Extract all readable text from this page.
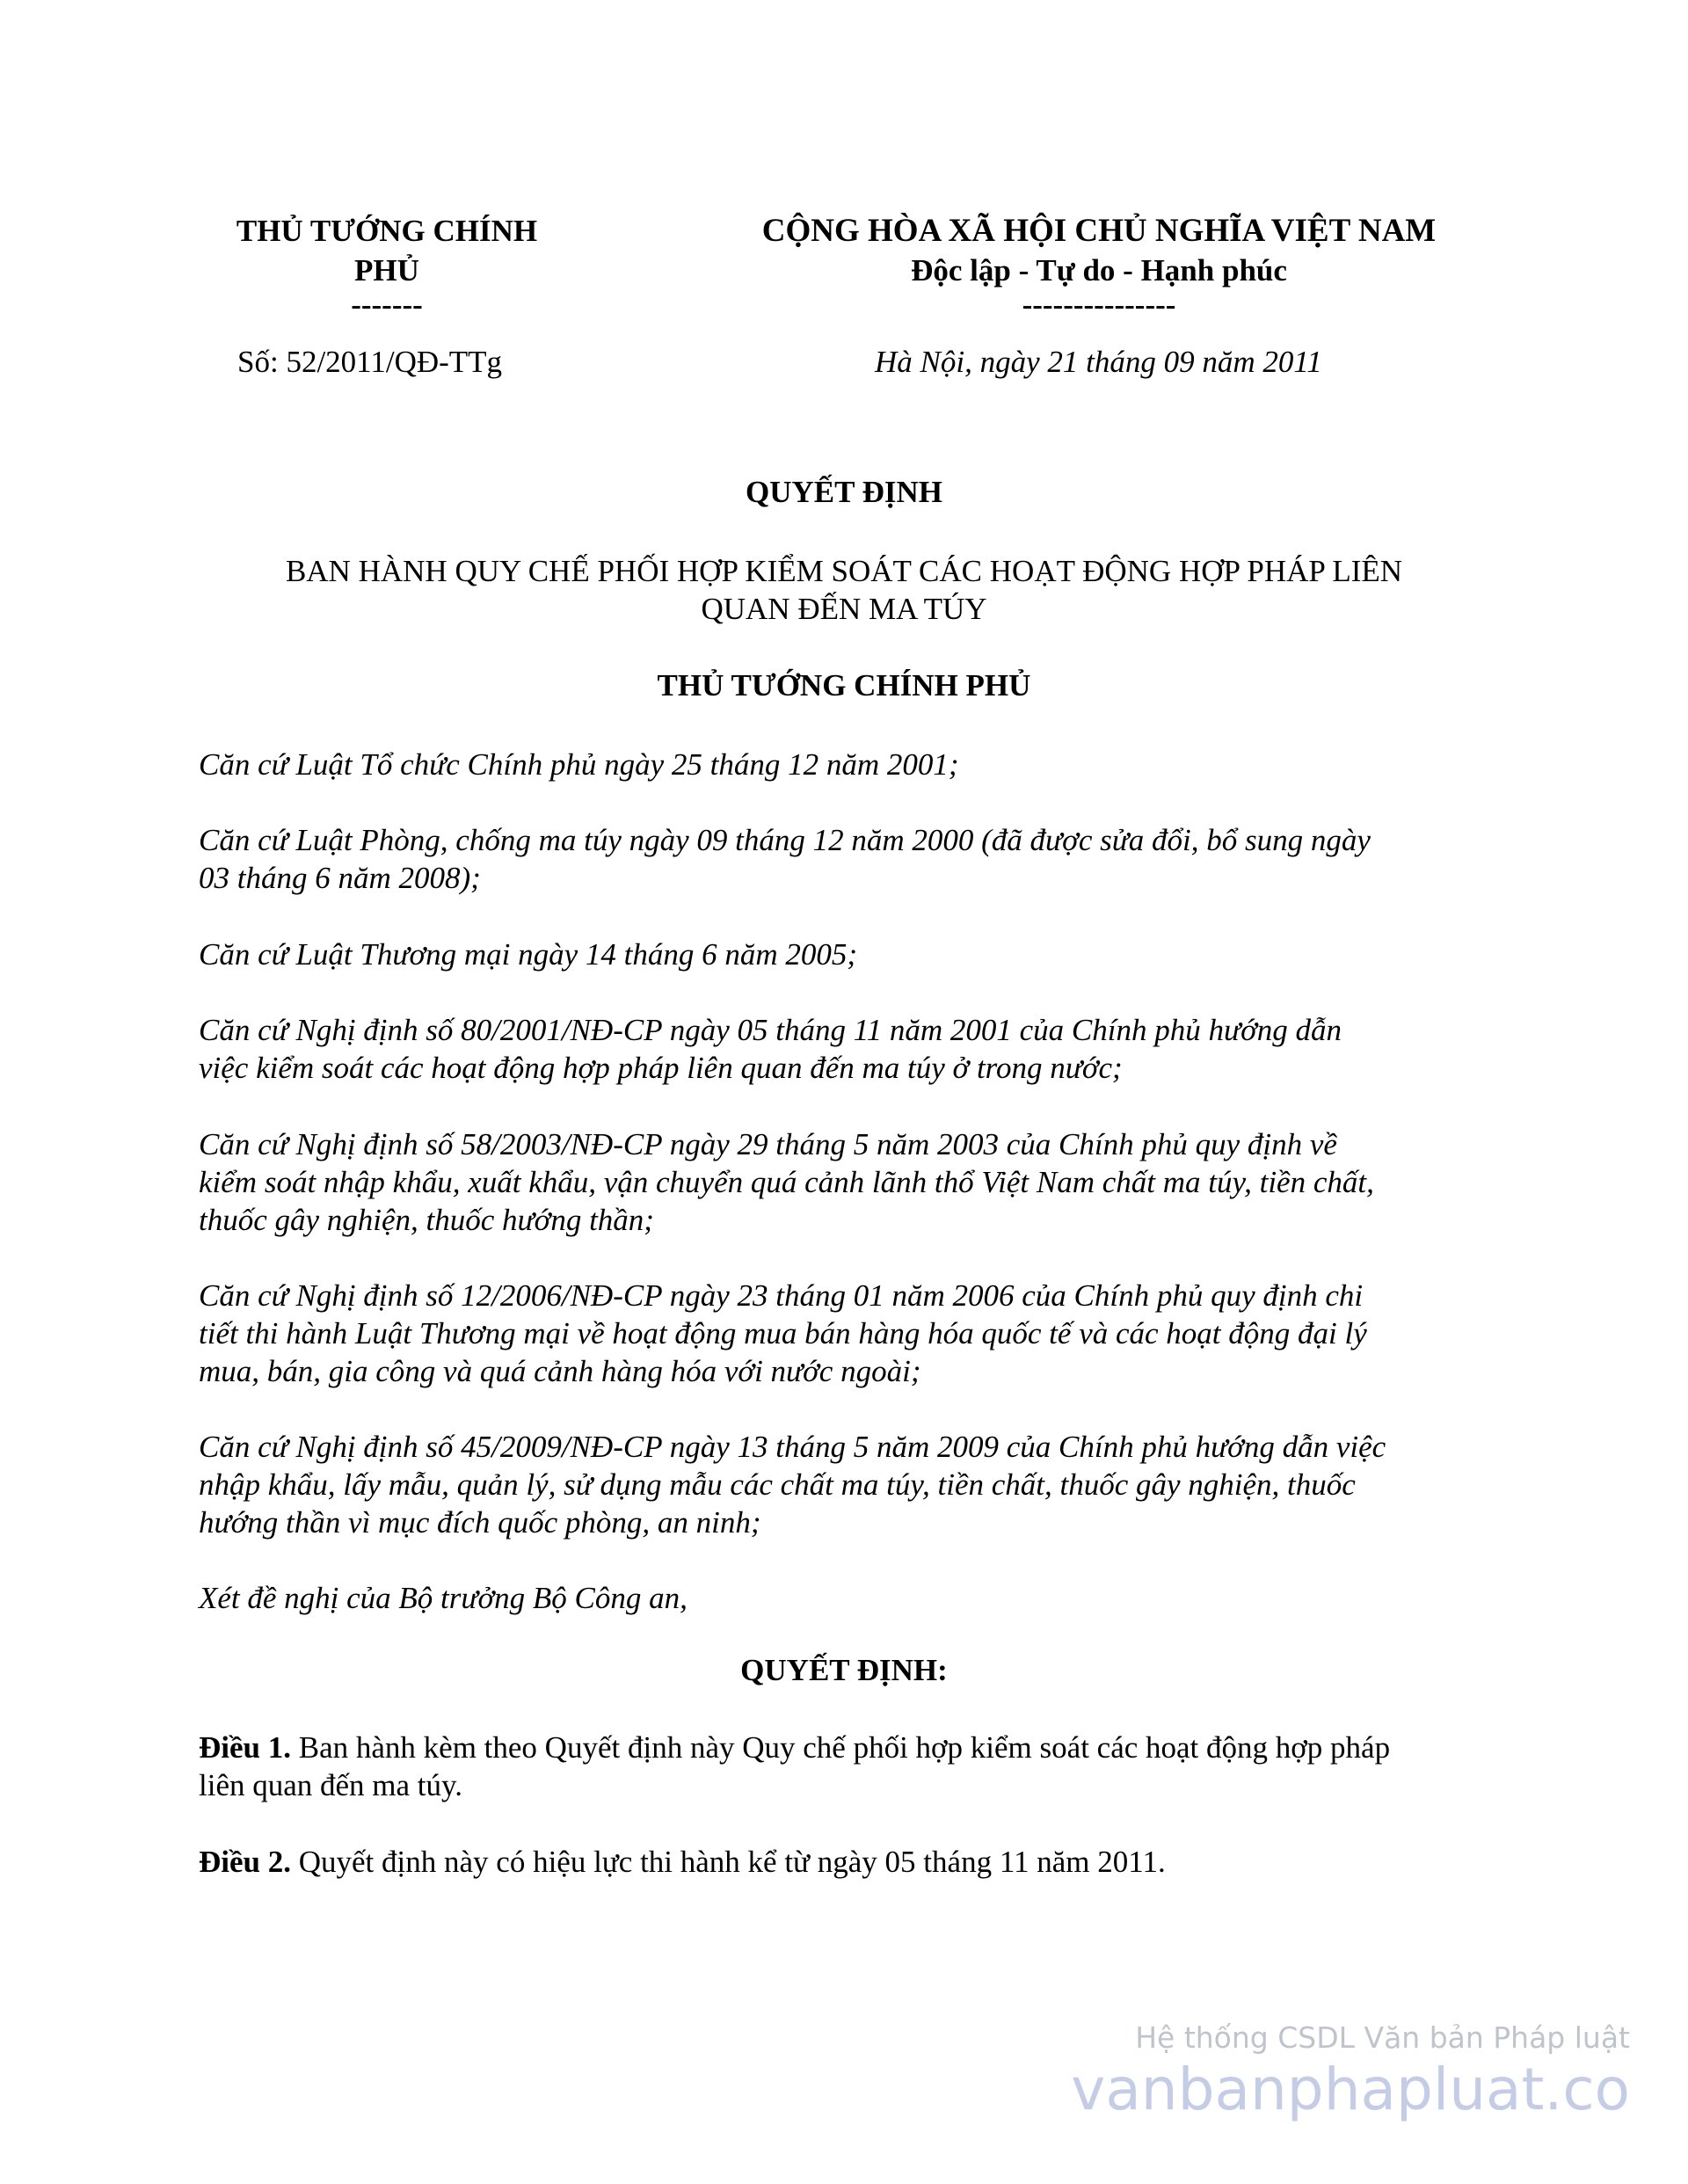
THỦ TƯỚNG CHÍNH
PHỦ
-------
CỘNG HÒA XÃ HỘI CHỦ NGHĨA VIỆT NAM
Độc lập - Tự do - Hạnh phúc
---------------
Số: 52/2011/QĐ-TTg	Hà Nội, ngày 21 tháng 09 năm 2011
QUYẾT ĐỊNH
BAN HÀNH QUY CHẾ PHỐI HỢP KIỂM SOÁT CÁC HOẠT ĐỘNG HỢP PHÁP LIÊN
QUAN ĐẾN MA TÚY
THỦ TƯỚNG CHÍNH PHỦ
Căn cứ Luật Tổ chức Chính phủ ngày 25 tháng 12 năm 2001;
Căn cứ Luật Phòng, chống ma túy ngày 09 tháng 12 năm 2000 (đã được sửa đổi, bổ sung ngày
03 tháng 6 năm 2008);
Căn cứ Luật Thương mại ngày 14 tháng 6 năm 2005;
Căn cứ Nghị định số 80/2001/NĐ-CP ngày 05 tháng 11 năm 2001 của Chính phủ hướng dẫn
việc kiểm soát các hoạt động hợp pháp liên quan đến ma túy ở trong nước;
Căn cứ Nghị định số 58/2003/NĐ-CP ngày 29 tháng 5 năm 2003 của Chính phủ quy định về
kiểm soát nhập khẩu, xuất khẩu, vận chuyển quá cảnh lãnh thổ Việt Nam chất ma túy, tiền chất,
thuốc gây nghiện, thuốc hướng thần;
Căn cứ Nghị định số 12/2006/NĐ-CP ngày 23 tháng 01 năm 2006 của Chính phủ quy định chi
tiết thi hành Luật Thương mại về hoạt động mua bán hàng hóa quốc tế và các hoạt động đại lý
mua, bán, gia công và quá cảnh hàng hóa với nước ngoài;
Căn cứ Nghị định số 45/2009/NĐ-CP ngày 13 tháng 5 năm 2009 của Chính phủ hướng dẫn việc
nhập khẩu, lấy mẫu, quản lý, sử dụng mẫu các chất ma túy, tiền chất, thuốc gây nghiện, thuốc
hướng thần vì mục đích quốc phòng, an ninh;
Xét đề nghị của Bộ trưởng Bộ Công an,
QUYẾT ĐỊNH:
Điều 1. Ban hành kèm theo Quyết định này Quy chế phối hợp kiểm soát các hoạt động hợp pháp
liên quan đến ma túy.
Điều 2. Quyết định này có hiệu lực thi hành kể từ ngày 05 tháng 11 năm 2011.
Hệ thống CSDL Văn bản Pháp luật
vanbanphapluat.co
